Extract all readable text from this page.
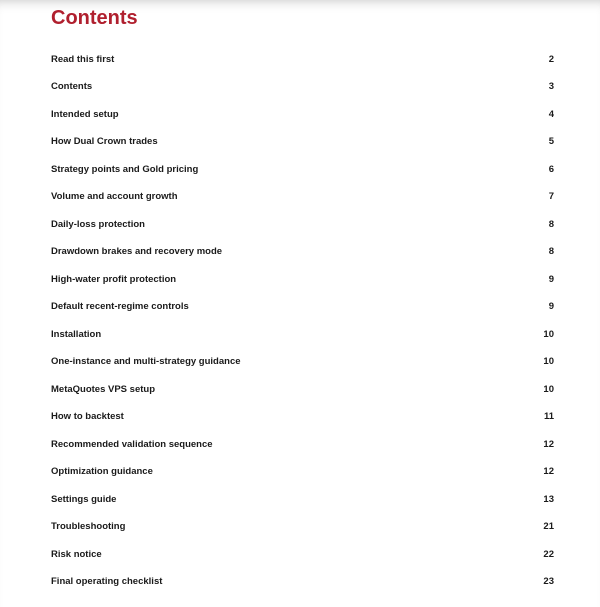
Contents
Read this first	2
Contents	3
Intended setup	4
How Dual Crown trades	5
Strategy points and Gold pricing	6
Volume and account growth	7
Daily-loss protection	8
Drawdown brakes and recovery mode	8
High-water profit protection	9
Default recent-regime controls	9
Installation	10
One-instance and multi-strategy guidance	10
MetaQuotes VPS setup	10
How to backtest	11
Recommended validation sequence	12
Optimization guidance	12
Settings guide	13
Troubleshooting	21
Risk notice	22
Final operating checklist	23
